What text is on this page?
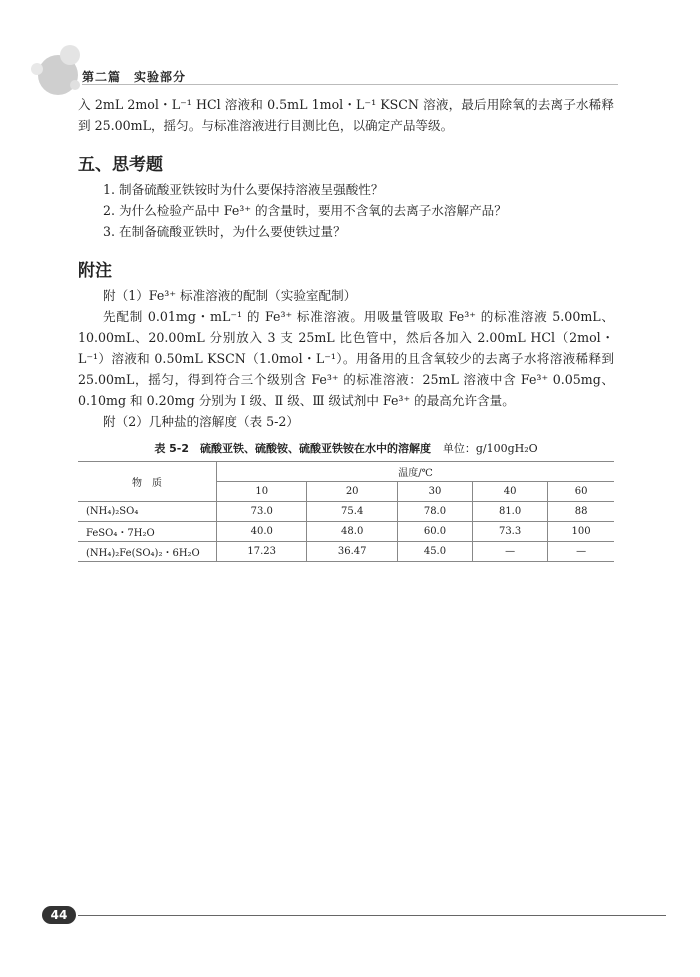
第二篇　实验部分

入 2mL 2mol・L⁻¹ HCl 溶液和 0.5mL 1mol・L⁻¹ KSCN 溶液，最后用除氧的去离子水稀释到 25.00mL，摇匀。与标准溶液进行目测比色，以确定产品等级。

五、思考题

1. 制备硫酸亚铁铵时为什么要保持溶液呈强酸性？

2. 为什么检验产品中 Fe³⁺ 的含量时，要用不含氧的去离子水溶解产品？

3. 在制备硫酸亚铁时，为什么要使铁过量？

附注

附（1）Fe³⁺ 标准溶液的配制（实验室配制）

先配制 0.01mg・mL⁻¹ 的 Fe³⁺ 标准溶液。用吸量管吸取 Fe³⁺ 的标准溶液 5.00mL、10.00mL、20.00mL 分别放入 3 支 25mL 比色管中，然后各加入 2.00mL HCl（2mol・L⁻¹）溶液和 0.50mL KSCN（1.0mol・L⁻¹）。用备用的且含氧较少的去离子水将溶液稀释到 25.00mL，摇匀，得到符合三个级别含 Fe³⁺ 的标准溶液：25mL 溶液中含 Fe³⁺ 0.05mg、0.10mg 和 0.20mg 分别为 Ⅰ 级、Ⅱ 级、Ⅲ 级试剂中 Fe³⁺ 的最高允许含量。

附（2）几种盐的溶解度（表 5-2）

表 5-2　硫酸亚铁、硫酸铵、硫酸亚铁铵在水中的溶解度 单位：g/100gH₂O
物　质	温度/℃				
	10	20	30	40	60
(NH₄)₂SO₄	73.0	75.4	78.0	81.0	88
FeSO₄・7H₂O	40.0	48.0	60.0	73.3	100
(NH₄)₂Fe(SO₄)₂・6H₂O	17.23	36.47	45.0	—	—
44
